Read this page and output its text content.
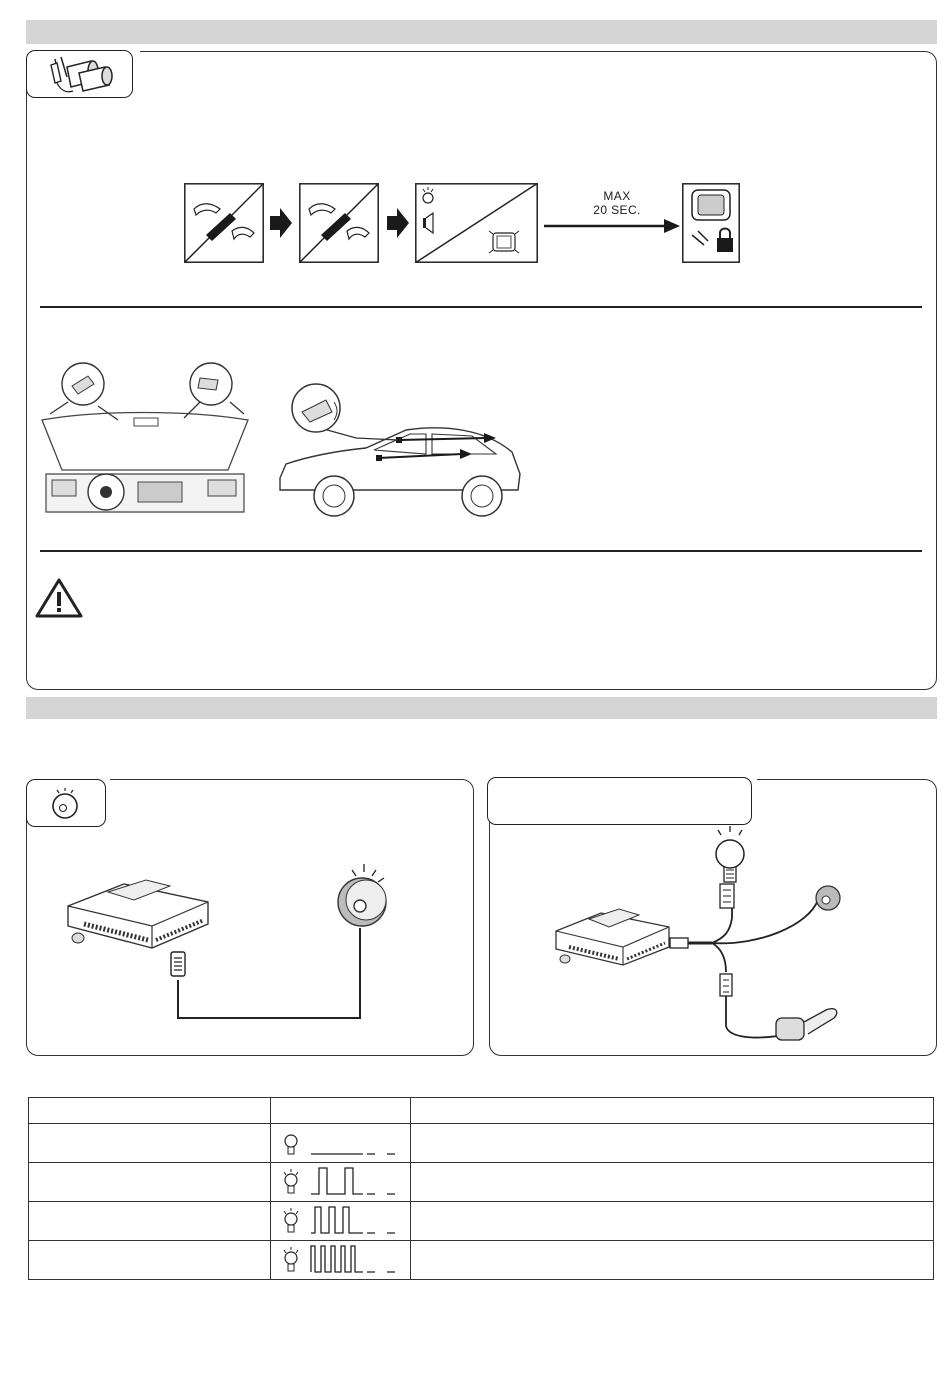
MAX
20 SEC.
